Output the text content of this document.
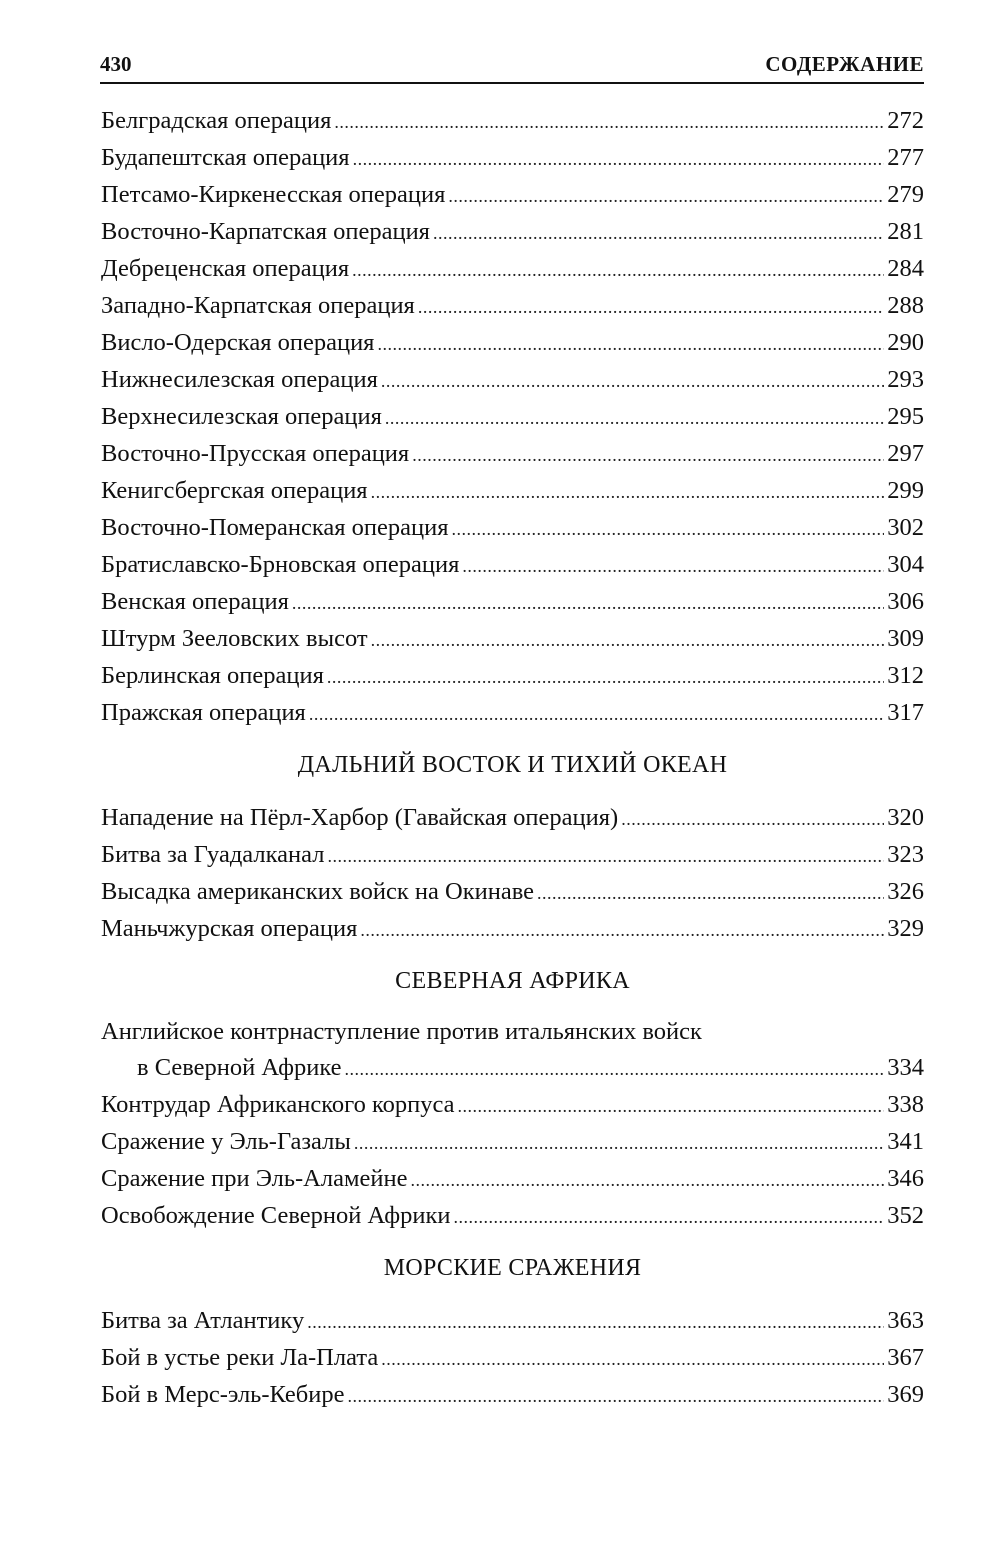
430	СОДЕРЖАНИЕ
Белградская операция . . .	272
Будапештская операция . . .	277
Петсамо-Киркенесская операция . . .	279
Восточно-Карпатская операция . . .	281
Дебреценская операция . . .	284
Западно-Карпатская операция . . .	288
Висло-Одерская операция . . .	290
Нижнесилезская операция . . .	293
Верхнесилезская операция . . .	295
Восточно-Прусская операция . . .	297
Кенигсбергская операция . . .	299
Восточно-Померанская операция . . .	302
Братиславско-Брновская операция . . .	304
Венская операция . . .	306
Штурм Зееловских высот . . .	309
Берлинская операция . . .	312
Пражская операция . . .	317
ДАЛЬНИЙ ВОСТОК И ТИХИЙ ОКЕАН
Нападение на Пёрл-Харбор (Гавайская операция) . . .	320
Битва за Гуадалканал . . .	323
Высадка американских войск на Окинаве . . .	326
Маньчжурская операция . . .	329
СЕВЕРНАЯ АФРИКА
Английское контрнаступление против итальянских войск
в Северной Африке . . .	334
Контрудар Африканского корпуса . . .	338
Сражение у Эль-Газалы . . .	341
Сражение при Эль-Аламейне . . .	346
Освобождение Северной Африки . . .	352
МОРСКИЕ СРАЖЕНИЯ
Битва за Атлантику . . .	363
Бой в устье реки Ла-Плата . . .	367
Бой в Мерс-эль-Кебире . . .	369
